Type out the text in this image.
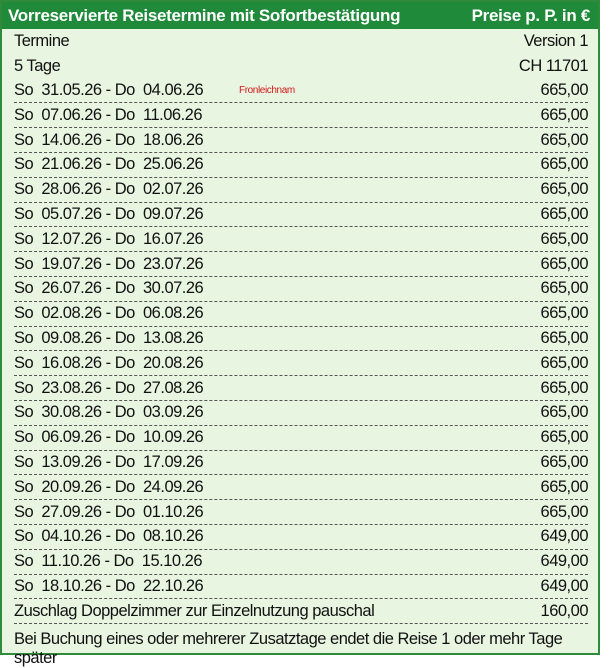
Vorreservierte Reisetermine mit Sofortbestätigung	Preise p. P. in €
Termine	Version 1
5 Tage	CH 11701
So  31.05.26 - Do  04.06.26	Fronleichnam	665,00
So  07.06.26 - Do  11.06.26	665,00
So  14.06.26 - Do  18.06.26	665,00
So  21.06.26 - Do  25.06.26	665,00
So  28.06.26 - Do  02.07.26	665,00
So  05.07.26 - Do  09.07.26	665,00
So  12.07.26 - Do  16.07.26	665,00
So  19.07.26 - Do  23.07.26	665,00
So  26.07.26 - Do  30.07.26	665,00
So  02.08.26 - Do  06.08.26	665,00
So  09.08.26 - Do  13.08.26	665,00
So  16.08.26 - Do  20.08.26	665,00
So  23.08.26 - Do  27.08.26	665,00
So  30.08.26 - Do  03.09.26	665,00
So  06.09.26 - Do  10.09.26	665,00
So  13.09.26 - Do  17.09.26	665,00
So  20.09.26 - Do  24.09.26	665,00
So  27.09.26 - Do  01.10.26	665,00
So  04.10.26 - Do  08.10.26	649,00
So  11.10.26 - Do  15.10.26	649,00
So  18.10.26 - Do  22.10.26	649,00
Zuschlag Doppelzimmer zur Einzelnutzung pauschal	160,00
Bei Buchung eines oder mehrerer Zusatztage endet die Reise 1 oder mehr Tage später
